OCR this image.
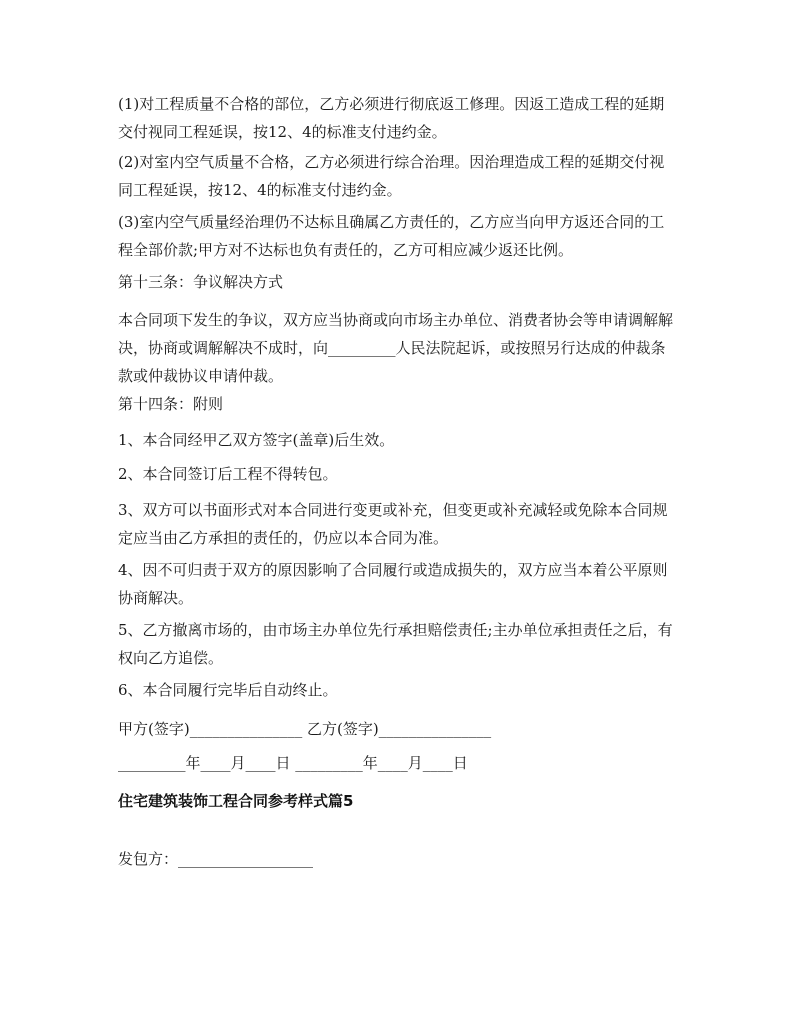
(1)对工程质量不合格的部位，乙方必须进行彻底返工修理。因返工造成工程的延期交付视同工程延误，按12、4的标准支付违约金。
(2)对室内空气质量不合格，乙方必须进行综合治理。因治理造成工程的延期交付视同工程延误，按12、4的标准支付违约金。
(3)室内空气质量经治理仍不达标且确属乙方责任的，乙方应当向甲方返还合同的工程全部价款;甲方对不达标也负有责任的，乙方可相应减少返还比例。
第十三条：争议解决方式
本合同项下发生的争议，双方应当协商或向市场主办单位、消费者协会等申请调解解决，协商或调解解决不成时，向_________人民法院起诉，或按照另行达成的仲裁条款或仲裁协议申请仲裁。
第十四条：附则
1、本合同经甲乙双方签字(盖章)后生效。
2、本合同签订后工程不得转包。
3、双方可以书面形式对本合同进行变更或补充，但变更或补充减轻或免除本合同规定应当由乙方承担的责任的，仍应以本合同为准。
4、因不可归责于双方的原因影响了合同履行或造成损失的，双方应当本着公平原则协商解决。
5、乙方撤离市场的，由市场主办单位先行承担赔偿责任;主办单位承担责任之后，有权向乙方追偿。
6、本合同履行完毕后自动终止。
甲方(签字)_______________ 乙方(签字)_______________
_________年____月____日 _________年____月____日
住宅建筑装饰工程合同参考样式篇5
发包方：__________________
